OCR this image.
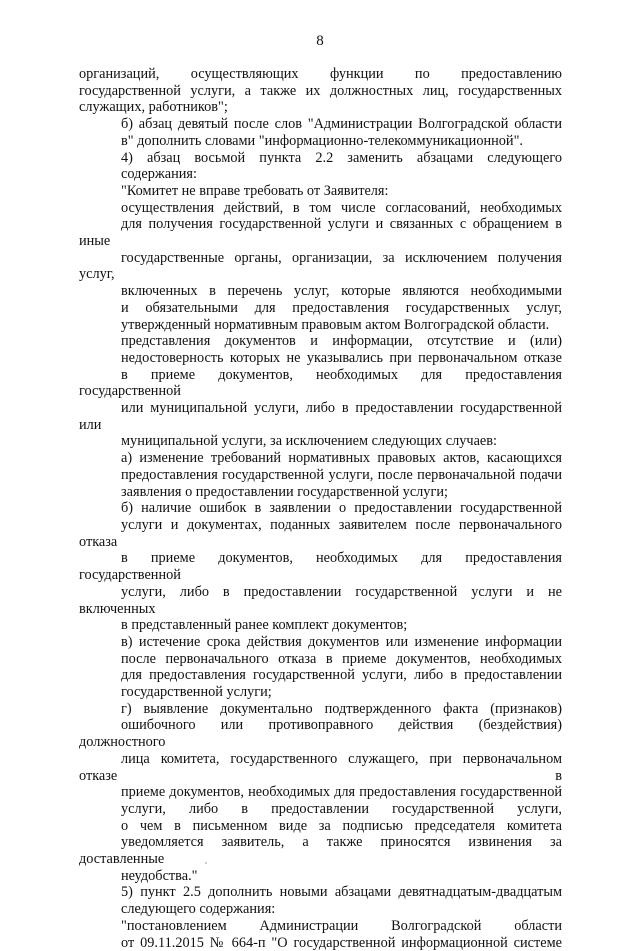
8

организаций, осуществляющих функции по предоставлению
государственной услуги, а также их должностных лиц, государственных
служащих, работников";

б) абзац девятый после слов "Администрации Волгоградской области
в" дополнить словами "информационно-телекоммуникационной".

4) абзац восьмой пункта 2.2 заменить абзацами следующего
содержания:

"Комитет не вправе требовать от Заявителя:

осуществления действий, в том числе согласований, необходимых
для получения государственной услуги и связанных с обращением в иные
государственные органы, организации, за исключением получения услуг,
включенных в перечень услуг, которые являются необходимыми
и обязательными для предоставления государственных услуг,
утвержденный нормативным правовым актом Волгоградской области.

представления документов и информации, отсутствие и (или)
недостоверность которых не указывались при первоначальном отказе
в приеме документов, необходимых для предоставления государственной
или муниципальной услуги, либо в предоставлении государственной или
муниципальной услуги, за исключением следующих случаев:

а) изменение требований нормативных правовых актов, касающихся
предоставления государственной услуги, после первоначальной подачи
заявления о предоставлении государственной услуги;

б) наличие ошибок в заявлении о предоставлении государственной
услуги и документах, поданных заявителем после первоначального отказа
в приеме документов, необходимых для предоставления государственной
услуги, либо в предоставлении государственной услуги и не включенных
в представленный ранее комплект документов;

в) истечение срока действия документов или изменение информации
после первоначального отказа в приеме документов, необходимых
для предоставления государственной услуги, либо в предоставлении
государственной услуги;

г) выявление документально подтвержденного факта (признаков)
ошибочного или противоправного действия (бездействия) должностного
лица комитета, государственного служащего, при первоначальном отказе в
приеме документов, необходимых для предоставления государственной
услуги, либо в предоставлении государственной услуги,
о чем в письменном виде за подписью председателя комитета
уведомляется заявитель, а также приносятся извинения за доставленные
неудобства."

5) пункт 2.5 дополнить новыми абзацами девятнадцатым-двадцатым
следующего содержания:

"постановлением Администрации Волгоградской области
от 09.11.2015 № 664-п "О государственной информационной системе
